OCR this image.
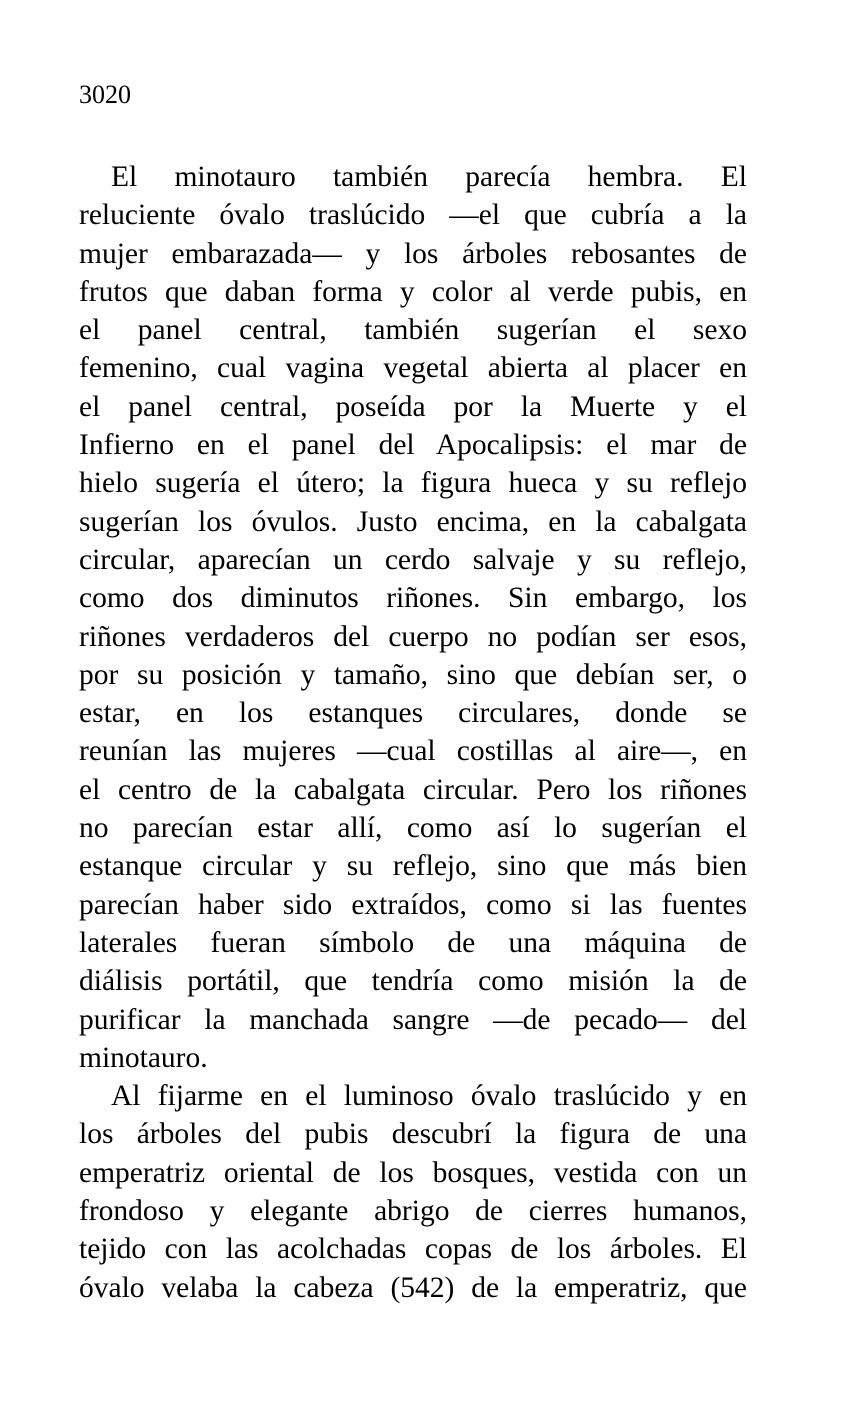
3020
El minotauro también parecía hembra. El
reluciente óvalo traslúcido —el que cubría a la
mujer embarazada— y los árboles rebosantes de
frutos que daban forma y color al verde pubis, en
el panel central, también sugerían el sexo
femenino, cual vagina vegetal abierta al placer en
el panel central, poseída por la Muerte y el
Infierno en el panel del Apocalipsis: el mar de
hielo sugería el útero; la figura hueca y su reflejo
sugerían los óvulos. Justo encima, en la cabalgata
circular, aparecían un cerdo salvaje y su reflejo,
como dos diminutos riñones. Sin embargo, los
riñones verdaderos del cuerpo no podían ser esos,
por su posición y tamaño, sino que debían ser, o
estar, en los estanques circulares, donde se
reunían las mujeres —cual costillas al aire—, en
el centro de la cabalgata circular. Pero los riñones
no parecían estar allí, como así lo sugerían el
estanque circular y su reflejo, sino que más bien
parecían haber sido extraídos, como si las fuentes
laterales fueran símbolo de una máquina de
diálisis portátil, que tendría como misión la de
purificar la manchada sangre —de pecado— del
minotauro.
Al fijarme en el luminoso óvalo traslúcido y en
los árboles del pubis descubrí la figura de una
emperatriz oriental de los bosques, vestida con un
frondoso y elegante abrigo de cierres humanos,
tejido con las acolchadas copas de los árboles. El
óvalo velaba la cabeza (542) de la emperatriz, que
